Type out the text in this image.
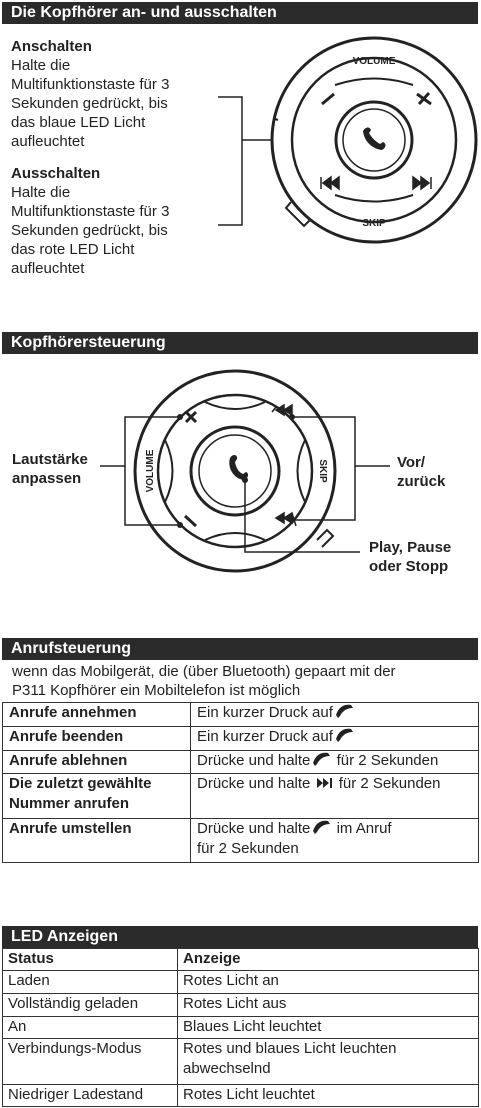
Die Kopfhörer an- und ausschalten
Anschalten
Halte die
Multifunktionstaste für 3
Sekunden gedrückt, bis
das blaue LED Licht
aufleuchtet
Ausschalten
Halte die
Multifunktionstaste für 3
Sekunden gedrückt, bis
das rote LED Licht
aufleuchtet
VOLUME
SKIP
Kopfhörersteuerung
Lautstärke
anpassen
Vor/
zurück
Play, Pause
oder Stopp
VOLUME	SKIP
Anrufsteuerung
wenn das Mobilgerät, die (über Bluetooth) gepaart mit der
P311 Kopfhörer ein Mobiltelefon ist möglich
Anrufe annehmen	Ein kurzer Druck auf
Anrufe beenden	Ein kurzer Druck auf
Anrufe ablehnen	Drücke und halte für 2 Sekunden
Die zuletzt gewählte Nummer anrufen	Drücke und halte  für 2 Sekunden
Anrufe umstellen	Drücke und halte im Anruf
für 2 Sekunden
LED Anzeigen
Status	Anzeige
Laden	Rotes Licht an
Vollständig geladen	Rotes Licht aus
An	Blaues Licht leuchtet
Verbindungs-Modus	Rotes und blaues Licht leuchten abwechselnd
Niedriger Ladestand	Rotes Licht leuchtet
